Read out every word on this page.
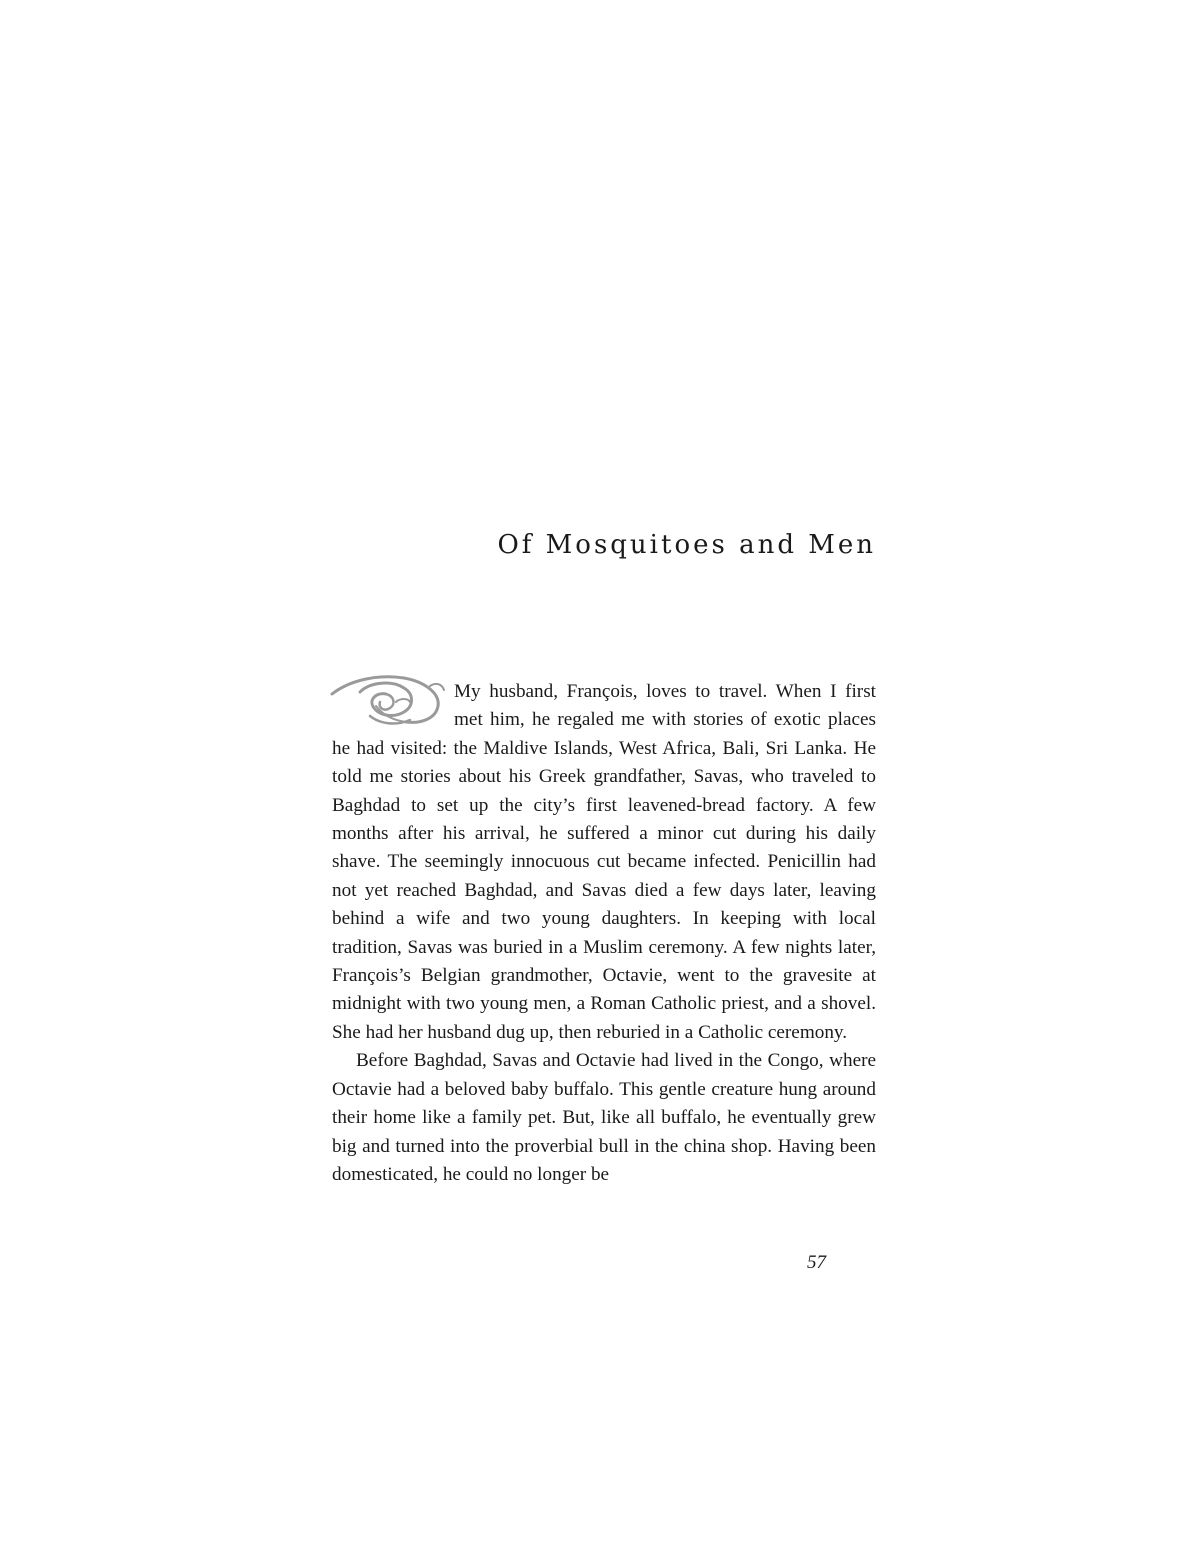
Of Mosquitoes and Men

My husband, François, loves to travel. When I first met him, he regaled me with stories of exotic places he had visited: the Maldive Islands, West Africa, Bali, Sri Lanka. He told me stories about his Greek grandfather, Savas, who traveled to Baghdad to set up the city’s first leavened-bread factory. A few months after his arrival, he suffered a minor cut during his daily shave. The seemingly innocuous cut became infected. Penicillin had not yet reached Baghdad, and Savas died a few days later, leaving behind a wife and two young daughters. In keeping with local tradition, Savas was buried in a Muslim ceremony. A few nights later, François’s Belgian grandmother, Octavie, went to the gravesite at midnight with two young men, a Roman Catholic priest, and a shovel. She had her husband dug up, then reburied in a Catholic ceremony.

Before Baghdad, Savas and Octavie had lived in the Congo, where Octavie had a beloved baby buffalo. This gentle creature hung around their home like a family pet. But, like all buffalo, he eventually grew big and turned into the proverbial bull in the china shop. Having been domesticated, he could no longer be

57
